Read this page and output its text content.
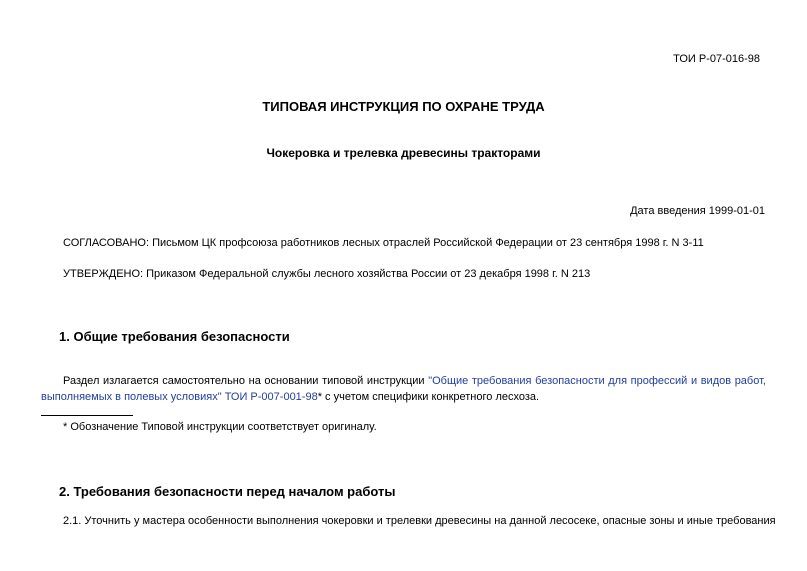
ТОИ Р-07-016-98
ТИПОВАЯ ИНСТРУКЦИЯ ПО ОХРАНЕ ТРУДА
Чокеровка и трелевка древесины тракторами
Дата введения 1999-01-01
СОГЛАСОВАНО: Письмом ЦК профсоюза работников лесных отраслей Российской Федерации от 23 сентября 1998 г. N 3-11
УТВЕРЖДЕНО: Приказом Федеральной службы лесного хозяйства России от 23 декабря 1998 г. N 213
1. Общие требования безопасности
Раздел излагается самостоятельно на основании типовой инструкции "Общие требования безопасности для профессий и видов работ, выполняемых в полевых условиях" ТОИ Р-007-001-98* с учетом специфики конкретного лесхоза.
* Обозначение Типовой инструкции соответствует оригиналу.
2. Требования безопасности перед началом работы
2.1. Уточнить у мастера особенности выполнения чокеровки и трелевки древесины на данной лесосеке, опасные зоны и иные требования
